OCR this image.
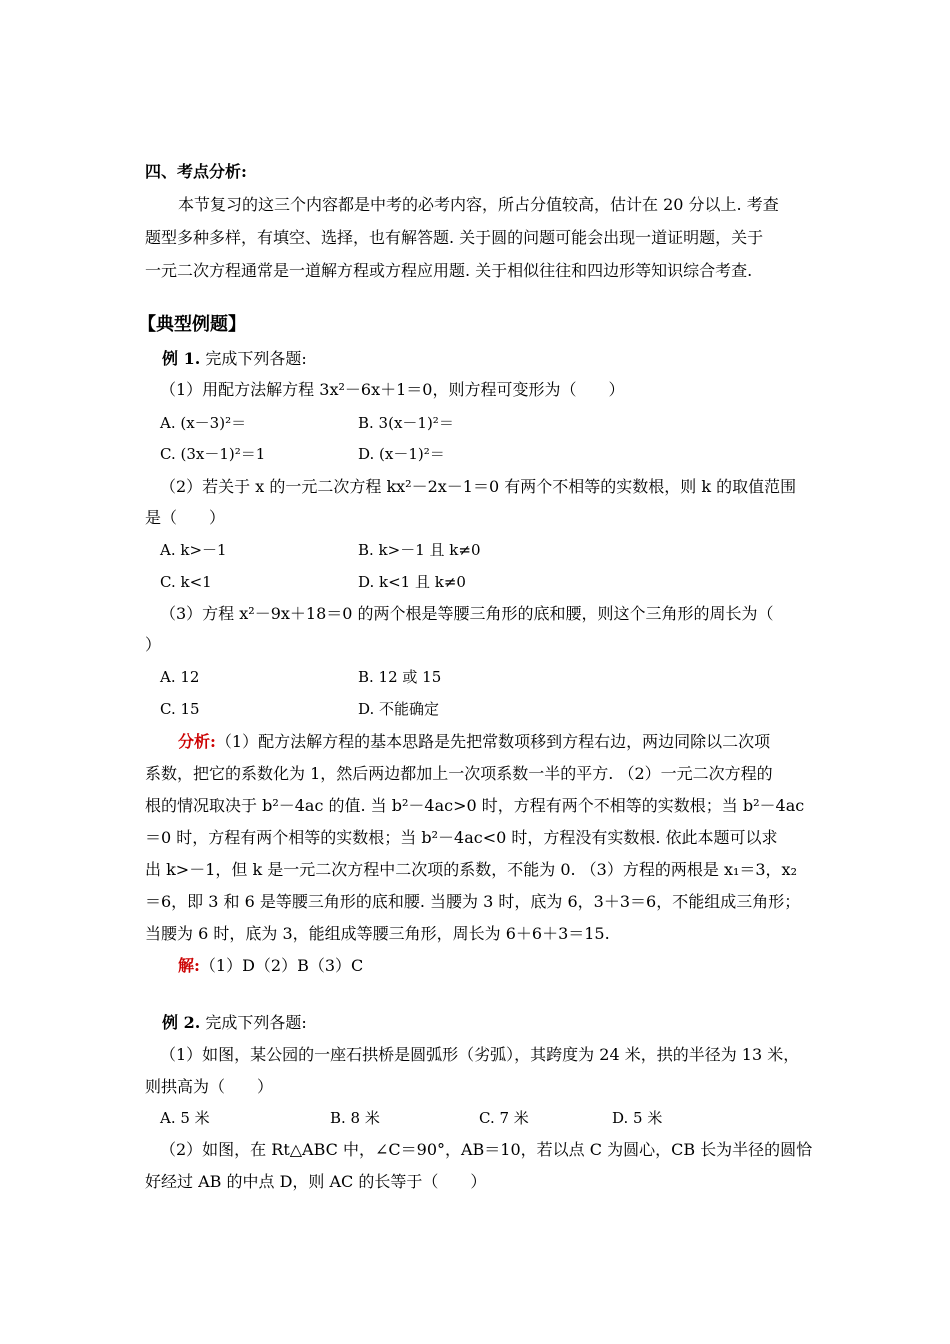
四、考点分析:
本节复习的这三个内容都是中考的必考内容，所占分值较高，估计在 20 分以上. 考查
题型多种多样，有填空、选择，也有解答题. 关于圆的问题可能会出现一道证明题，关于
一元二次方程通常是一道解方程或方程应用题. 关于相似往往和四边形等知识综合考查.
【典型例题】
例 1. 完成下列各题:
（1）用配方法解方程 3x²－6x＋1＝0，则方程可变形为（　　）
A. (x－3)²＝	B. 3(x－1)²＝
C. (3x－1)²＝1	D. (x－1)²＝
（2）若关于 x 的一元二次方程 kx²－2x－1＝0 有两个不相等的实数根，则 k 的取值范围
是（　　）
A. k>－1	B. k>－1 且 k≠0
C. k<1	D. k<1 且 k≠0
（3）方程 x²－9x＋18＝0 的两个根是等腰三角形的底和腰，则这个三角形的周长为（
）
A. 12	B. 12 或 15
C. 15	D. 不能确定
分析:（1）配方法解方程的基本思路是先把常数项移到方程右边，两边同除以二次项
系数，把它的系数化为 1，然后两边都加上一次项系数一半的平方. （2）一元二次方程的
根的情况取决于 b²－4ac 的值. 当 b²－4ac>0 时，方程有两个不相等的实数根；当 b²－4ac
＝0 时，方程有两个相等的实数根；当 b²－4ac<0 时，方程没有实数根. 依此本题可以求
出 k>－1，但 k 是一元二次方程中二次项的系数，不能为 0. （3）方程的两根是 x₁＝3，x₂
＝6，即 3 和 6 是等腰三角形的底和腰. 当腰为 3 时，底为 6，3＋3＝6，不能组成三角形；
当腰为 6 时，底为 3，能组成等腰三角形，周长为 6＋6＋3＝15.
解:（1）D（2）B（3）C
例 2. 完成下列各题:
（1）如图，某公园的一座石拱桥是圆弧形（劣弧），其跨度为 24 米，拱的半径为 13 米，
则拱高为（　　）
A. 5 米	B. 8 米	C. 7 米	D. 5 米
（2）如图，在 Rt△ABC 中，∠C＝90°，AB＝10，若以点 C 为圆心，CB 长为半径的圆恰
好经过 AB 的中点 D，则 AC 的长等于（　　）
